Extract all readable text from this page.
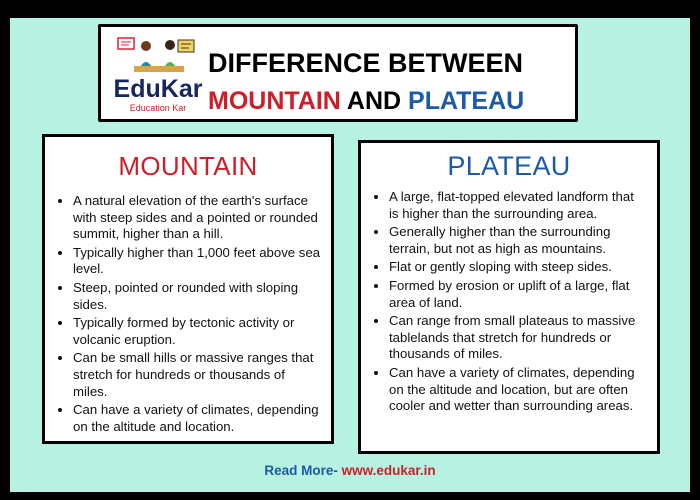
EduKar
Education Kar
DIFFERENCE BETWEEN
MOUNTAIN AND PLATEAU
MOUNTAIN
• A natural elevation of the earth's surface with steep sides and a pointed or rounded summit, higher than a hill.
• Typically higher than 1,000 feet above sea level.
• Steep, pointed or rounded with sloping sides.
• Typically formed by tectonic activity or volcanic eruption.
• Can be small hills or massive ranges that stretch for hundreds or thousands of miles.
• Can have a variety of climates, depending on the altitude and location.
PLATEAU
• A large, flat-topped elevated landform that is higher than the surrounding area.
• Generally higher than the surrounding terrain, but not as high as mountains.
• Flat or gently sloping with steep sides.
• Formed by erosion or uplift of a large, flat area of land.
• Can range from small plateaus to massive tablelands that stretch for hundreds or thousands of miles.
• Can have a variety of climates, depending on the altitude and location, but are often cooler and wetter than surrounding areas.
Read More- www.edukar.in
